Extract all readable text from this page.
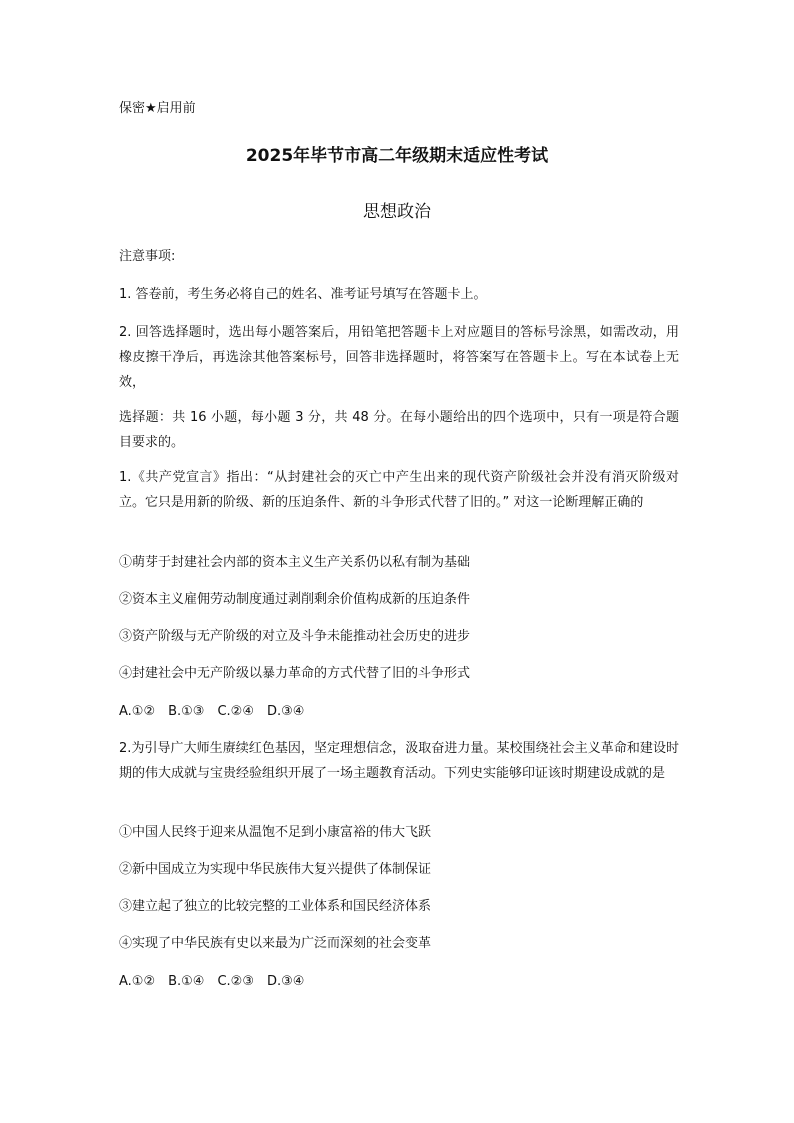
保密★启用前
2025年毕节市高二年级期末适应性考试
思想政治
注意事项:
1. 答卷前，考生务必将自己的姓名、准考证号填写在答题卡上。
2. 回答选择题时，选出每小题答案后，用铅笔把答题卡上对应题目的答标号涂黑，如需改动，用橡皮擦干净后，再选涂其他答案标号，回答非选择题时，将答案写在答题卡上。写在本试卷上无效，
选择题：共 16 小题，每小题 3 分，共 48 分。在每小题给出的四个选项中，只有一项是符合题目要求的。
1.《共产党宣言》指出：“从封建社会的灭亡中产生出来的现代资产阶级社会并没有消灭阶级对立。它只是用新的阶级、新的压迫条件、新的斗争形式代替了旧的。” 对这一论断理解正确的
①萌芽于封建社会内部的资本主义生产关系仍以私有制为基础
②资本主义雇佣劳动制度通过剥削剩余价值构成新的压迫条件
③资产阶级与无产阶级的对立及斗争未能推动社会历史的进步
④封建社会中无产阶级以暴力革命的方式代替了旧的斗争形式
A.①②　B.①③　C.②④　D.③④
2.为引导广大师生赓续红色基因，坚定理想信念，汲取奋进力量。某校围绕社会主义革命和建设时期的伟大成就与宝贵经验组织开展了一场主题教育活动。下列史实能够印证该时期建设成就的是
①中国人民终于迎来从温饱不足到小康富裕的伟大飞跃
②新中国成立为实现中华民族伟大复兴提供了体制保证
③建立起了独立的比较完整的工业体系和国民经济体系
④实现了中华民族有史以来最为广泛而深刻的社会变革
A.①②　B.①④　C.②③　D.③④
